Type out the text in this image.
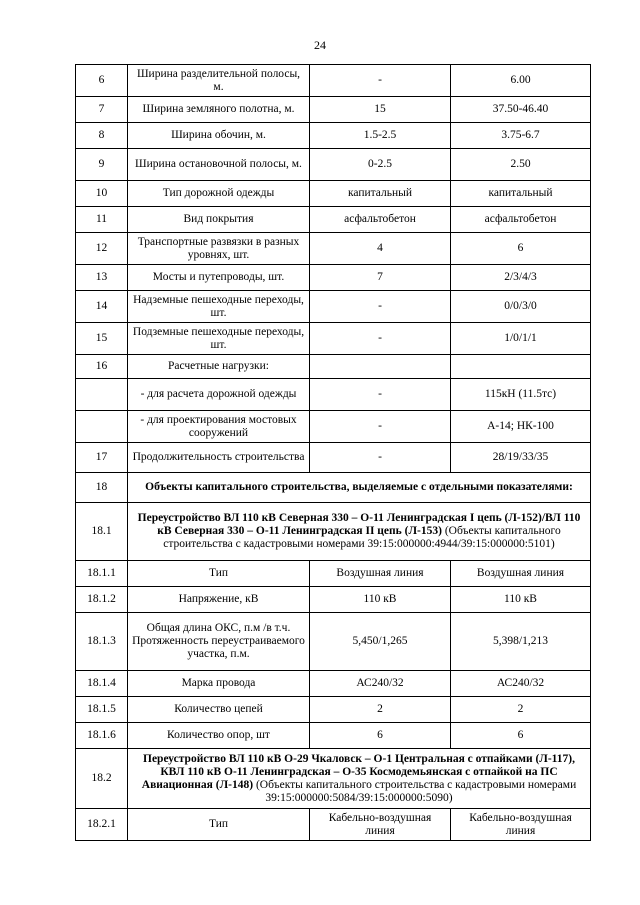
24
6	Ширина разделительной полосы, м.	-	6.00
7	Ширина земляного полотна, м.	15	37.50-46.40
8	Ширина обочин, м.	1.5-2.5	3.75-6.7
9	Ширина остановочной полосы, м.	0-2.5	2.50
10	Тип дорожной одежды	капитальный	капитальный
11	Вид покрытия	асфальтобетон	асфальтобетон
12	Транспортные развязки в разных уровнях, шт.	4	6
13	Мосты и путепроводы, шт.	7	2/3/4/3
14	Надземные пешеходные переходы, шт.	-	0/0/3/0
15	Подземные пешеходные переходы, шт.	-	1/0/1/1
16	Расчетные нагрузки:		
	- для расчета дорожной одежды	-	115кН (11.5тс)
	- для проектирования мостовых сооружений	-	А-14; НК-100
17	Продолжительность строительства	-	28/19/33/35
18	Объекты капитального строительства, выделяемые с отдельными показателями:		
18.1	Переустройство ВЛ 110 кВ Северная 330 – О-11 Ленинградская I цепь (Л-152)/ВЛ 110 кВ Северная 330 – О-11 Ленинградская II цепь (Л-153) (Объекты капитального строительства с кадастровыми номерами 39:15:000000:4944/39:15:000000:5101)		
18.1.1	Тип	Воздушная линия	Воздушная линия
18.1.2	Напряжение, кВ	110 кВ	110 кВ
18.1.3	Общая длина ОКС, п.м /в т.ч. Протяженность переустраиваемого участка, п.м.	5,450/1,265	5,398/1,213
18.1.4	Марка провода	АС240/32	АС240/32
18.1.5	Количество цепей	2	2
18.1.6	Количество опор, шт	6	6
18.2	Переустройство ВЛ 110 кВ О-29 Чкаловск – О-1 Центральная с отпайками (Л-117), КВЛ 110 кВ О-11 Ленинградская – О-35 Космодемьянская с отпайкой на ПС Авиационная (Л-148) (Объекты капитального строительства с кадастровыми номерами 39:15:000000:5084/39:15:000000:5090)		
18.2.1	Тип	Кабельно-воздушная линия	Кабельно-воздушная линия
